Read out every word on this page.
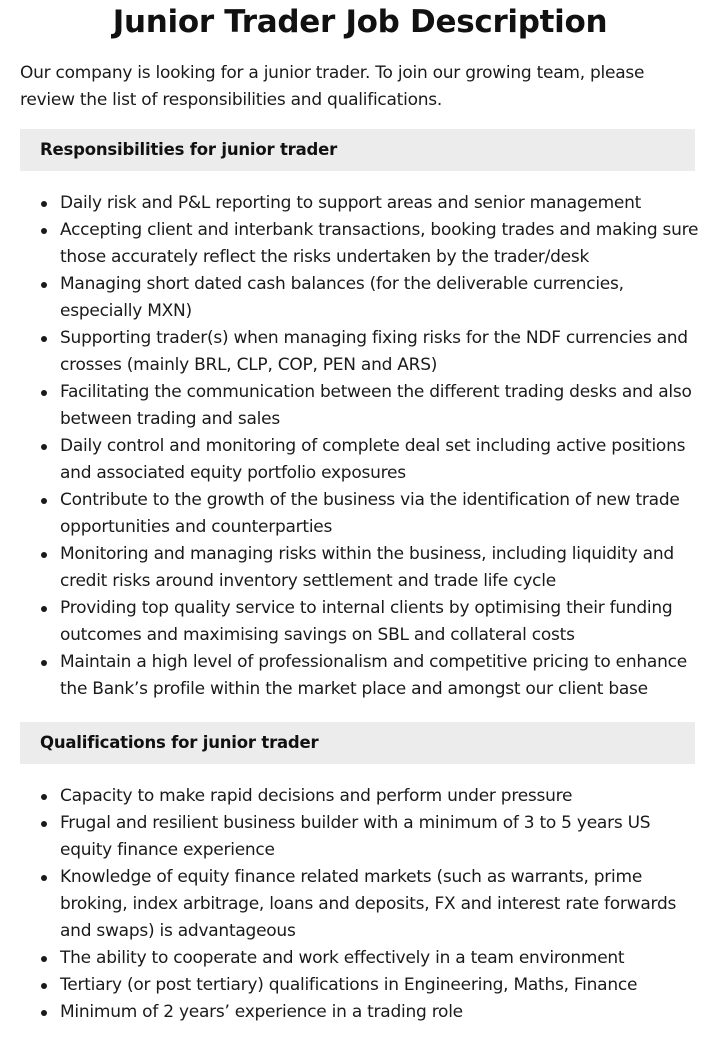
Junior Trader Job Description

Our company is looking for a junior trader. To join our growing team, please review the list of responsibilities and qualifications.

Responsibilities for junior trader
Daily risk and P&L reporting to support areas and senior management
Accepting client and interbank transactions, booking trades and making sure those accurately reflect the risks undertaken by the trader/desk
Managing short dated cash balances (for the deliverable currencies, especially MXN)
Supporting trader(s) when managing fixing risks for the NDF currencies and crosses (mainly BRL, CLP, COP, PEN and ARS)
Facilitating the communication between the different trading desks and also between trading and sales
Daily control and monitoring of complete deal set including active positions and associated equity portfolio exposures
Contribute to the growth of the business via the identification of new trade opportunities and counterparties
Monitoring and managing risks within the business, including liquidity and credit risks around inventory settlement and trade life cycle
Providing top quality service to internal clients by optimising their funding outcomes and maximising savings on SBL and collateral costs
Maintain a high level of professionalism and competitive pricing to enhance the Bank’s profile within the market place and amongst our client base
Qualifications for junior trader
Capacity to make rapid decisions and perform under pressure
Frugal and resilient business builder with a minimum of 3 to 5 years US equity finance experience
Knowledge of equity finance related markets (such as warrants, prime broking, index arbitrage, loans and deposits, FX and interest rate forwards and swaps) is advantageous
The ability to cooperate and work effectively in a team environment
Tertiary (or post tertiary) qualifications in Engineering, Maths, Finance
Minimum of 2 years’ experience in a trading role
